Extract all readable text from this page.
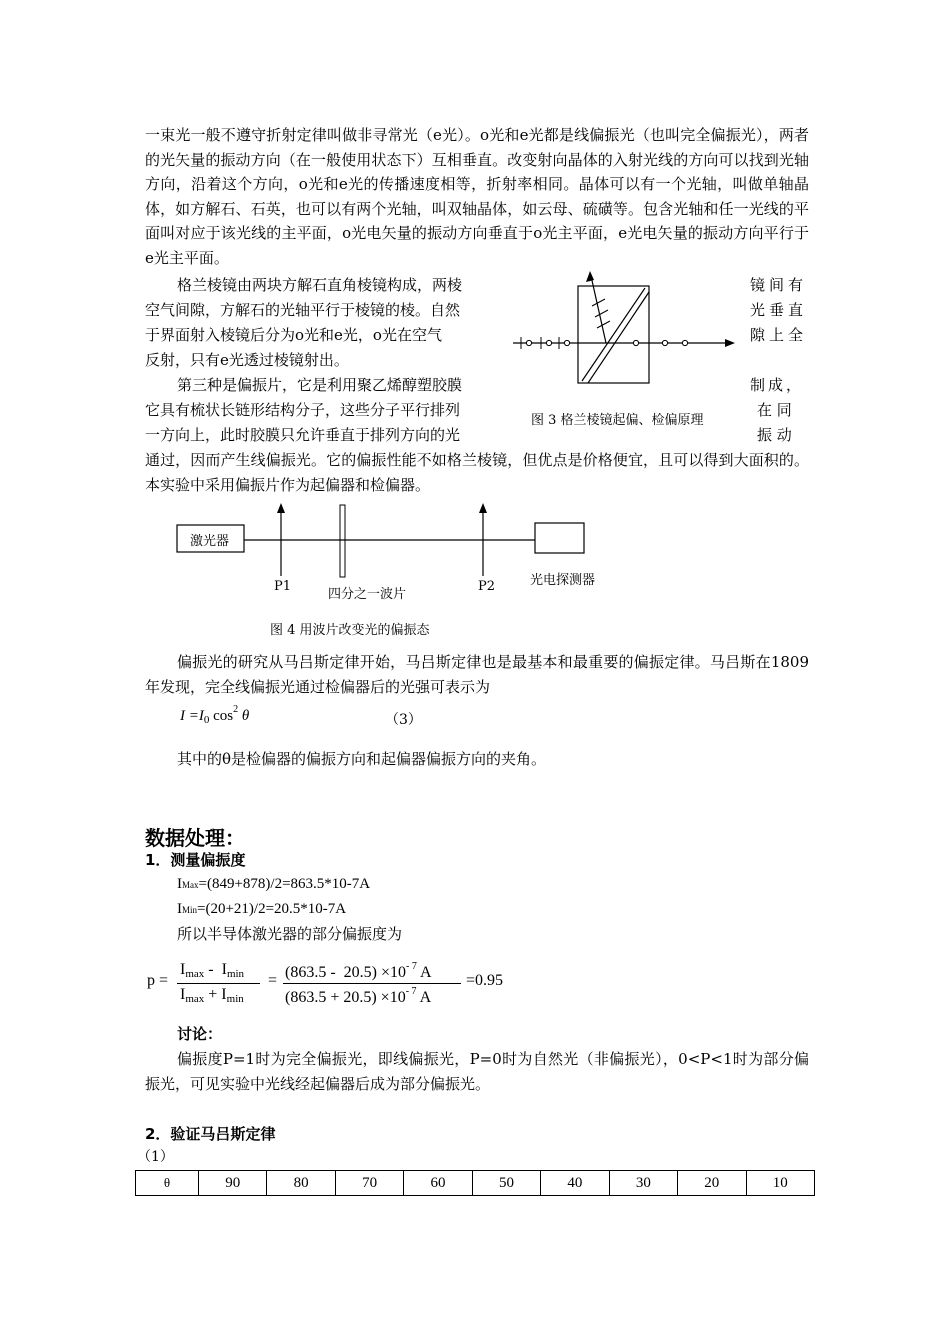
一束光一般不遵守折射定律叫做非寻常光（e光）。o光和e光都是线偏振光（也叫完全偏振光），两者的光矢量的振动方向（在一般使用状态下）互相垂直。改变射向晶体的入射光线的方向可以找到光轴方向，沿着这个方向，o光和e光的传播速度相等，折射率相同。晶体可以有一个光轴，叫做单轴晶体，如方解石、石英，也可以有两个光轴，叫双轴晶体，如云母、硫磺等。包含光轴和任一光线的平面叫对应于该光线的主平面，o光电矢量的振动方向垂直于o光主平面，e光电矢量的振动方向平行于e光主平面。

格兰棱镜由两块方解石直角棱镜构成，两棱
空气间隙，方解石的光轴平行于棱镜的棱。自然
于界面射入棱镜后分为o光和e光，o光在空气
反射，只有e光透过棱镜射出。
镜间有
光垂直
隙上全
第三种是偏振片，它是利用聚乙烯醇塑胶膜
它具有梳状长链形结构分子，这些分子平行排列
一方向上，此时胶膜只允许垂直于排列方向的光
制成，
在 同
振 动

通过，因而产生线偏振光。它的偏振性能不如格兰棱镜，但优点是价格便宜，且可以得到大面积的。本实验中采用偏振片作为起偏器和检偏器。

图 3 格兰棱镜起偏、检偏原理
激光器
P1
四分之一波片
P2	光电探测器
图 4 用波片改变光的偏振态

偏振光的研究从马吕斯定律开始，马吕斯定律也是最基本和最重要的偏振定律。马吕斯在1809年发现，完全线偏振光通过检偏器后的光强可表示为

$I =I_0$ $\cos^2 \theta$	（3）
其中的θ是检偏器的偏振方向和起偏器偏振方向的夹角。
数据处理：
1．测量偏振度
IMax=(849+878)/2=863.5*10-7A
IMin=(20+21)/2=20.5*10-7A
所以半导体激光器的部分偏振度为
p =
Imax -  Imin
Imax + Imin
= $(863.5 - 20.5) \times 10^{- 7}$ A
$(863.5 + 20.5) \times 10^{- 7}$ A
=0.95
讨论：

偏振度P=1时为完全偏振光，即线偏振光，P=0时为自然光（非偏振光），0<P<1时为部分偏振光，可见实验中光线经起偏器后成为部分偏振光。

2．验证马吕斯定律
（1）
θ	90	80	70	60	50	40	30	20	10
